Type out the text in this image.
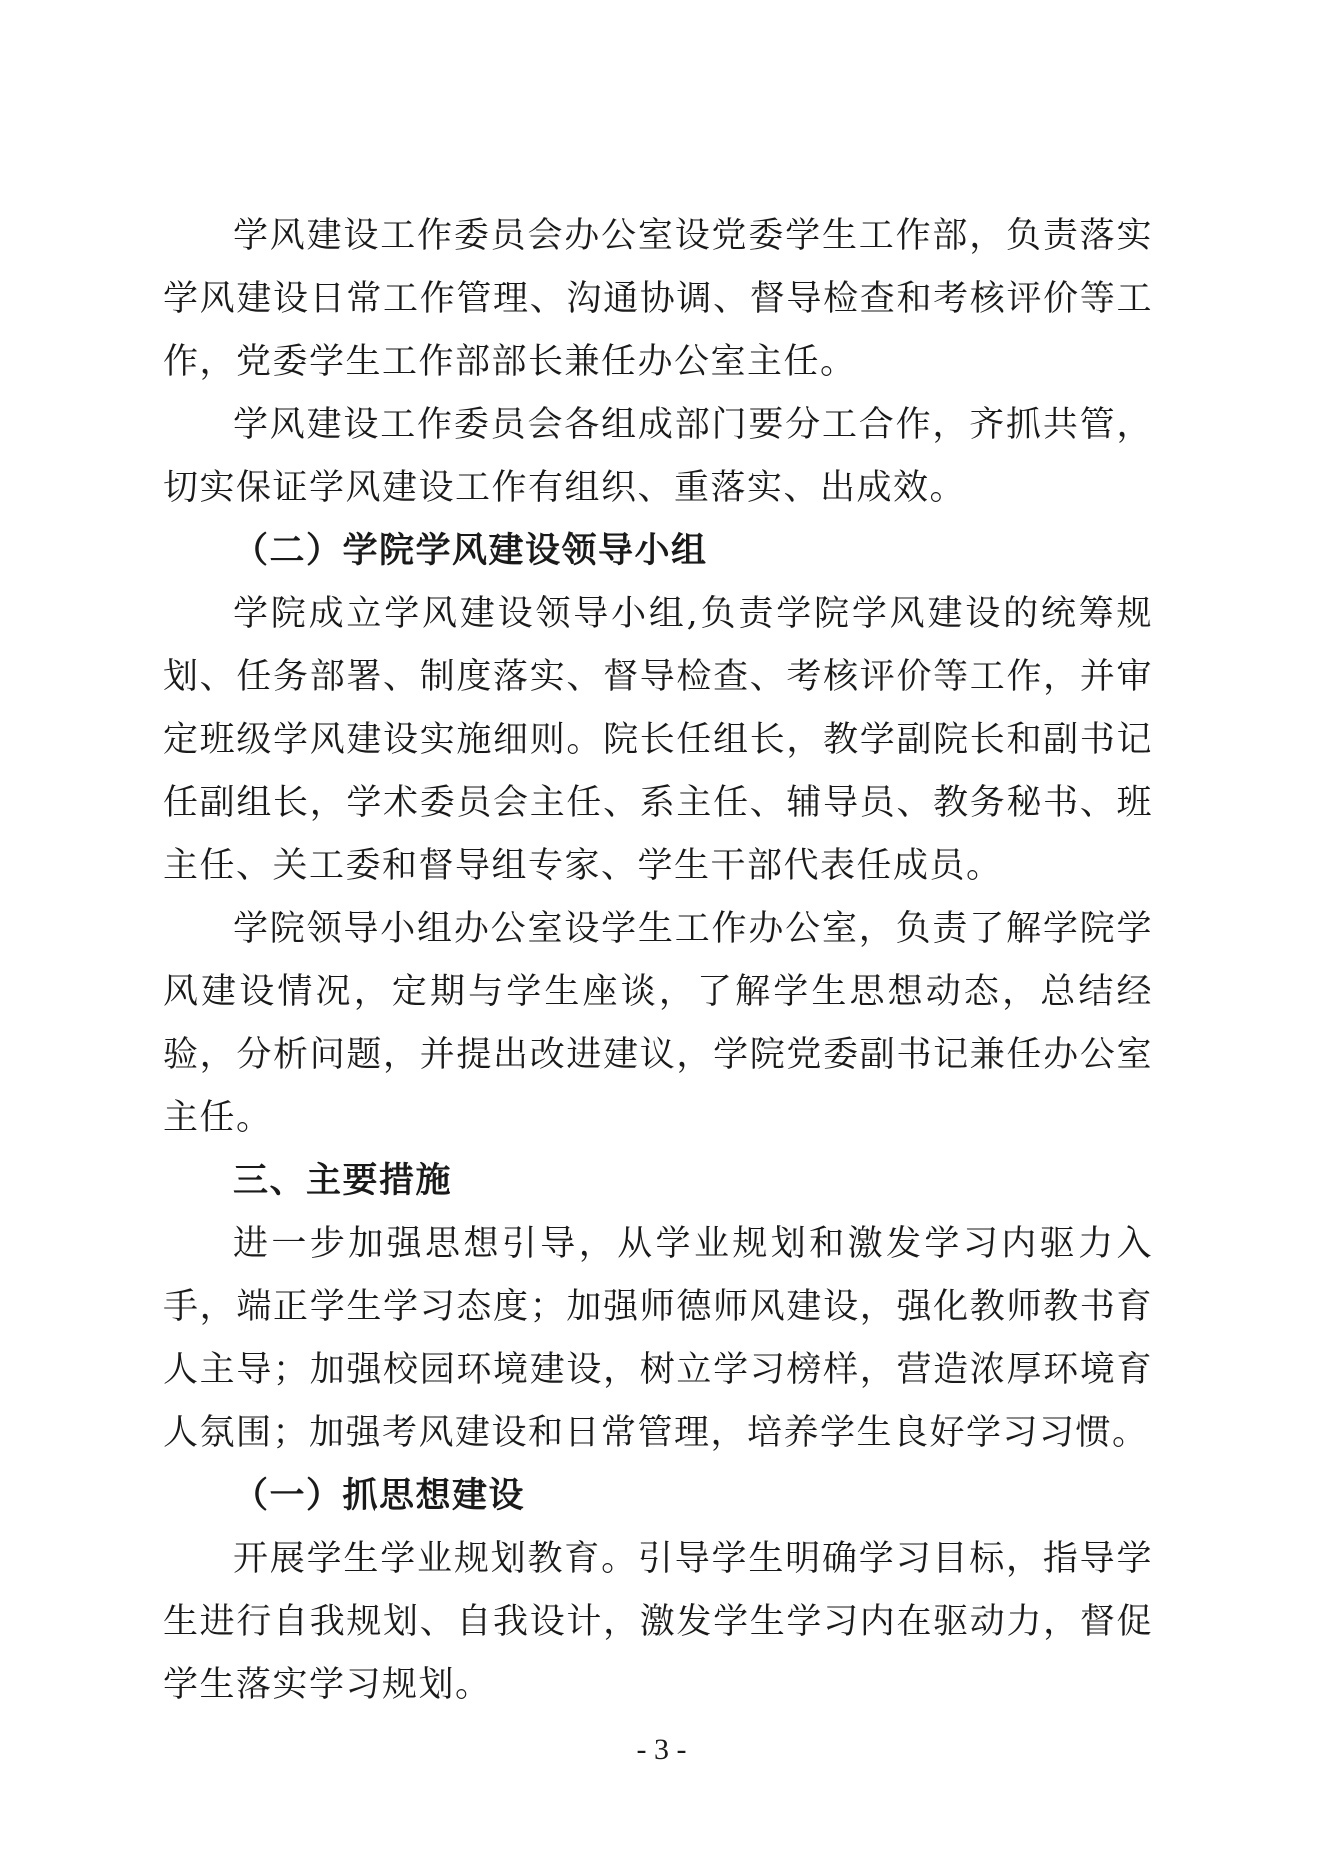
学风建设工作委员会办公室设党委学生工作部，负责落实学风建设日常工作管理、沟通协调、督导检查和考核评价等工作，党委学生工作部部长兼任办公室主任。

学风建设工作委员会各组成部门要分工合作，齐抓共管，切实保证学风建设工作有组织、重落实、出成效。

（二）学院学风建设领导小组

学院成立学风建设领导小组,负责学院学风建设的统筹规划、任务部署、制度落实、督导检查、考核评价等工作，并审定班级学风建设实施细则。院长任组长，教学副院长和副书记任副组长，学术委员会主任、系主任、辅导员、教务秘书、班主任、关工委和督导组专家、学生干部代表任成员。

学院领导小组办公室设学生工作办公室，负责了解学院学风建设情况，定期与学生座谈，了解学生思想动态，总结经验，分析问题，并提出改进建议，学院党委副书记兼任办公室主任。

三、主要措施

进一步加强思想引导，从学业规划和激发学习内驱力入手，端正学生学习态度；加强师德师风建设，强化教师教书育人主导；加强校园环境建设，树立学习榜样，营造浓厚环境育人氛围；加强考风建设和日常管理，培养学生良好学习习惯。

（一）抓思想建设

开展学生学业规划教育。引导学生明确学习目标，指导学生进行自我规划、自我设计，激发学生学习内在驱动力，督促学生落实学习规划。

- 3 -
